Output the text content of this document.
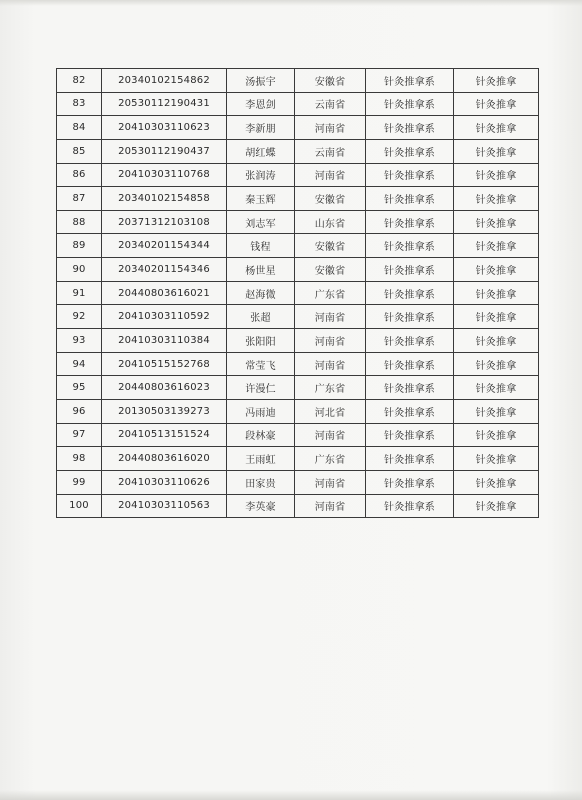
82	20340102154862	汤振宇	安徽省	针灸推拿系	针灸推拿
83	20530112190431	李恩剑	云南省	针灸推拿系	针灸推拿
84	20410303110623	李新朋	河南省	针灸推拿系	针灸推拿
85	20530112190437	胡红蝶	云南省	针灸推拿系	针灸推拿
86	20410303110768	张润涛	河南省	针灸推拿系	针灸推拿
87	20340102154858	秦玉辉	安徽省	针灸推拿系	针灸推拿
88	20371312103108	刘志军	山东省	针灸推拿系	针灸推拿
89	20340201154344	钱程	安徽省	针灸推拿系	针灸推拿
90	20340201154346	杨世星	安徽省	针灸推拿系	针灸推拿
91	20440803616021	赵海微	广东省	针灸推拿系	针灸推拿
92	20410303110592	张超	河南省	针灸推拿系	针灸推拿
93	20410303110384	张阳阳	河南省	针灸推拿系	针灸推拿
94	20410515152768	常莹飞	河南省	针灸推拿系	针灸推拿
95	20440803616023	许漫仁	广东省	针灸推拿系	针灸推拿
96	20130503139273	冯雨迪	河北省	针灸推拿系	针灸推拿
97	20410513151524	段林豪	河南省	针灸推拿系	针灸推拿
98	20440803616020	王雨虹	广东省	针灸推拿系	针灸推拿
99	20410303110626	田家贵	河南省	针灸推拿系	针灸推拿
100	20410303110563	李英豪	河南省	针灸推拿系	针灸推拿
